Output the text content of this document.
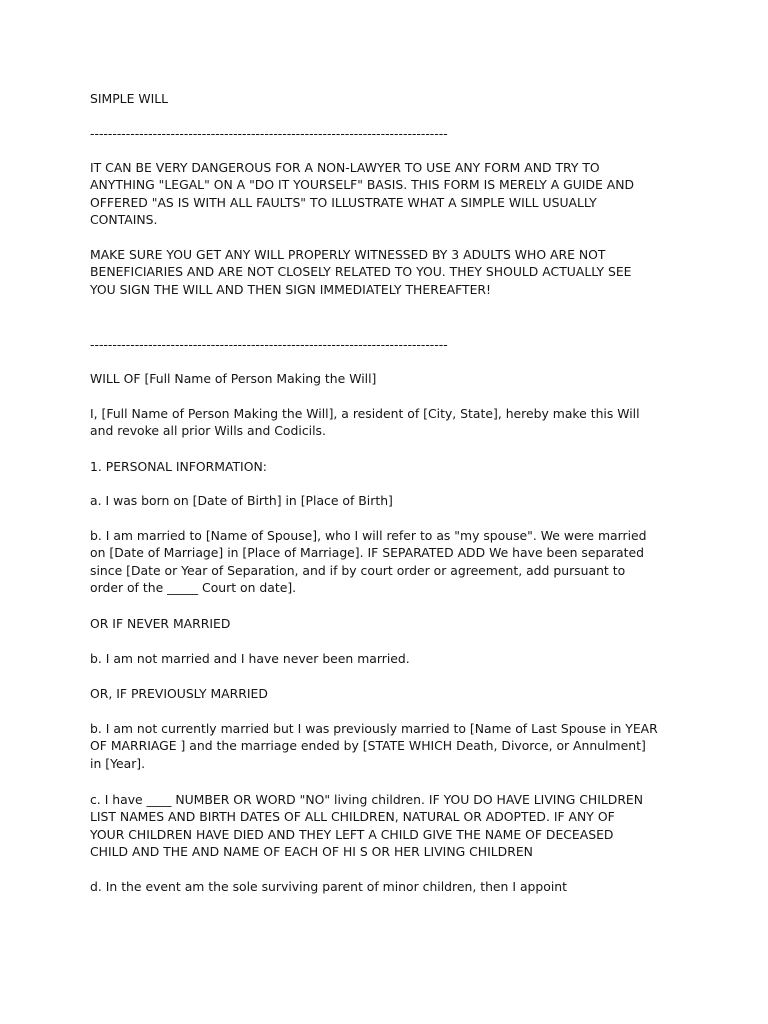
SIMPLE WILL

--------------------------------------------------------------------------------

IT CAN BE VERY DANGEROUS FOR A NON-LAWYER TO USE ANY FORM AND TRY TO
ANYTHING "LEGAL" ON A "DO IT YOURSELF" BASIS. THIS FORM IS MERELY A GUIDE AND
OFFERED "AS IS WITH ALL FAULTS" TO ILLUSTRATE WHAT A SIMPLE WILL USUALLY
CONTAINS.

MAKE SURE YOU GET ANY WILL PROPERLY WITNESSED BY 3 ADULTS WHO ARE NOT
BENEFICIARIES AND ARE NOT CLOSELY RELATED TO YOU. THEY SHOULD ACTUALLY SEE
YOU SIGN THE WILL AND THEN SIGN IMMEDIATELY THEREAFTER!

--------------------------------------------------------------------------------

WILL OF [Full Name of Person Making the Will]

I, [Full Name of Person Making the Will], a resident of [City, State], hereby make this Will
and revoke all prior Wills and Codicils.

1. PERSONAL INFORMATION:

a. I was born on [Date of Birth] in [Place of Birth]

b. I am married to [Name of Spouse], who I will refer to as "my spouse". We were married
on [Date of Marriage] in [Place of Marriage]. IF SEPARATED ADD We have been separated
since [Date or Year of Separation, and if by court order or agreement, add pursuant to
order of the _____ Court on date].

OR IF NEVER MARRIED

b. I am not married and I have never been married.

OR, IF PREVIOUSLY MARRIED

b. I am not currently married but I was previously married to [Name of Last Spouse in YEAR
OF MARRIAGE ] and the marriage ended by [STATE WHICH Death, Divorce, or Annulment]
in [Year].

c. I have ____ NUMBER OR WORD "NO" living children. IF YOU DO HAVE LIVING CHILDREN
LIST NAMES AND BIRTH DATES OF ALL CHILDREN, NATURAL OR ADOPTED. IF ANY OF
YOUR CHILDREN HAVE DIED AND THEY LEFT A CHILD GIVE THE NAME OF DECEASED
CHILD AND THE AND NAME OF EACH OF HI S OR HER LIVING CHILDREN

d. In the event am the sole surviving parent of minor children, then I appoint
